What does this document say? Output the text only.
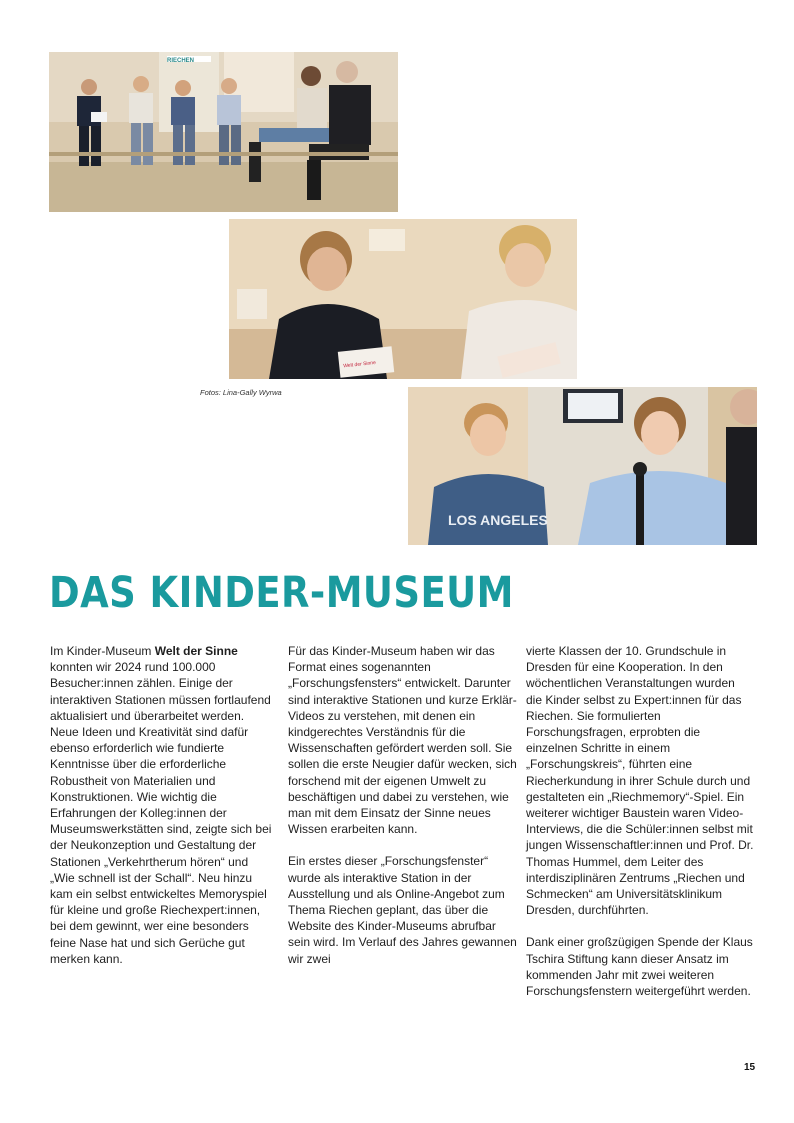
RIECHEN
Welt der Sinne
Fotos: Lina-Gally Wyrwa
LOS ANGELES
DAS KINDER-MUSEUM

Im Kinder-Museum Welt der Sinne konnten wir 2024 rund 100.000 Besucher:innen zählen. Einige der interaktiven Stationen müssen fortlaufend aktualisiert und überarbeitet werden. Neue Ideen und Kreativität sind dafür ebenso erforderlich wie fundierte Kenntnisse über die erforderliche Robustheit von Materialien und Konstruktionen. Wie wichtig die Erfahrungen der Kolleg:innen der Museumswerkstätten sind, zeigte sich bei der Neukonzeption und Gestaltung der Stationen „Verkehrtherum hören“ und „Wie schnell ist der Schall“. Neu hinzu kam ein selbst entwickeltes Memoryspiel für kleine und große Riechexpert:innen, bei dem gewinnt, wer eine besonders feine Nase hat und sich Gerüche gut merken kann.

Für das Kinder-Museum haben wir das Format eines sogenannten „Forschungsfensters“ entwickelt. Darunter sind interaktive Stationen und kurze Erklär-Videos zu verstehen, mit denen ein kindgerechtes Verständnis für die Wissenschaften gefördert werden soll. Sie sollen die erste Neugier dafür wecken, sich forschend mit der eigenen Umwelt zu beschäftigen und dabei zu verstehen, wie man mit dem Einsatz der Sinne neues Wissen erarbeiten kann.

Ein erstes dieser „Forschungsfenster“ wurde als interaktive Station in der Ausstellung und als Online-Angebot zum Thema Riechen geplant, das über die Website des Kinder-Museums abrufbar sein wird. Im Verlauf des Jahres gewannen wir zwei

vierte Klassen der 10. Grundschule in Dresden für eine Kooperation. In den wöchentlichen Veranstaltungen wurden die Kinder selbst zu Expert:innen für das Riechen. Sie formulierten Forschungsfragen, erprobten die einzelnen Schritte in einem „Forschungskreis“, führten eine Riecherkundung in ihrer Schule durch und gestalteten ein „Riechmemory“-Spiel. Ein weiterer wichtiger Baustein waren Video-Interviews, die die Schüler:innen selbst mit jungen Wissenschaftler:innen und Prof. Dr. Thomas Hummel, dem Leiter des interdisziplinären Zentrums „Riechen und Schmecken“ am Universitätsklinikum Dresden, durchführten.

Dank einer großzügigen Spende der Klaus Tschira Stiftung kann dieser Ansatz im kommenden Jahr mit zwei weiteren Forschungsfenstern weitergeführt werden.

15
